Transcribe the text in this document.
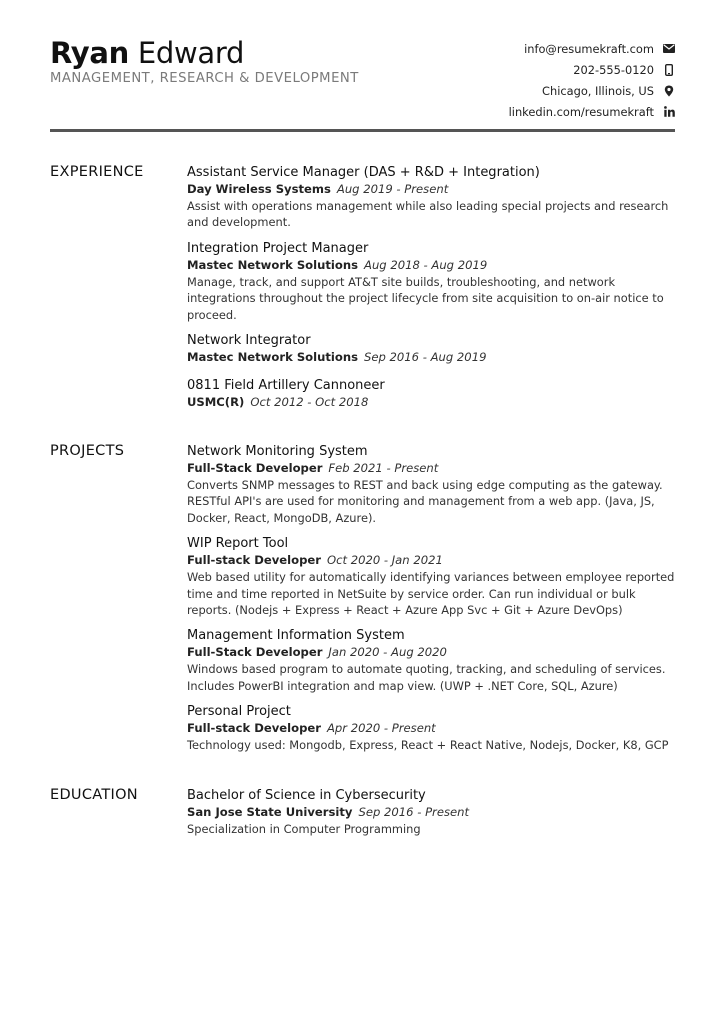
Ryan Edward
MANAGEMENT, RESEARCH & DEVELOPMENT
info@resumekraft.com
202-555-0120
Chicago, Illinois, US
linkedin.com/resumekraft
EXPERIENCE	Assistant Service Manager (DAS + R&D + Integration)
Day Wireless Systems Aug 2019 - Present
Assist with operations management while also leading special projects and research and development.
Integration Project Manager
Mastec Network Solutions Aug 2018 - Aug 2019
Manage, track, and support AT&T site builds, troubleshooting, and network integrations throughout the project lifecycle from site acquisition to on-air notice to proceed.
Network Integrator
Mastec Network Solutions Sep 2016 - Aug 2019
0811 Field Artillery Cannoneer
USMC(R) Oct 2012 - Oct 2018
PROJECTS	Network Monitoring System
Full-Stack Developer Feb 2021 - Present
Converts SNMP messages to REST and back using edge computing as the gateway. RESTful API's are used for monitoring and management from a web app. (Java, JS, Docker, React, MongoDB, Azure).
WIP Report Tool
Full-stack Developer Oct 2020 - Jan 2021
Web based utility for automatically identifying variances between employee reported time and time reported in NetSuite by service order. Can run individual or bulk reports. (Nodejs + Express + React + Azure App Svc + Git + Azure DevOps)
Management Information System
Full-Stack Developer Jan 2020 - Aug 2020
Windows based program to automate quoting, tracking, and scheduling of services. Includes PowerBI integration and map view. (UWP + .NET Core, SQL, Azure)
Personal Project
Full-stack Developer Apr 2020 - Present
Technology used: Mongodb, Express, React + React Native, Nodejs, Docker, K8, GCP
EDUCATION	Bachelor of Science in Cybersecurity
San Jose State University Sep 2016 - Present
Specialization in Computer Programming
